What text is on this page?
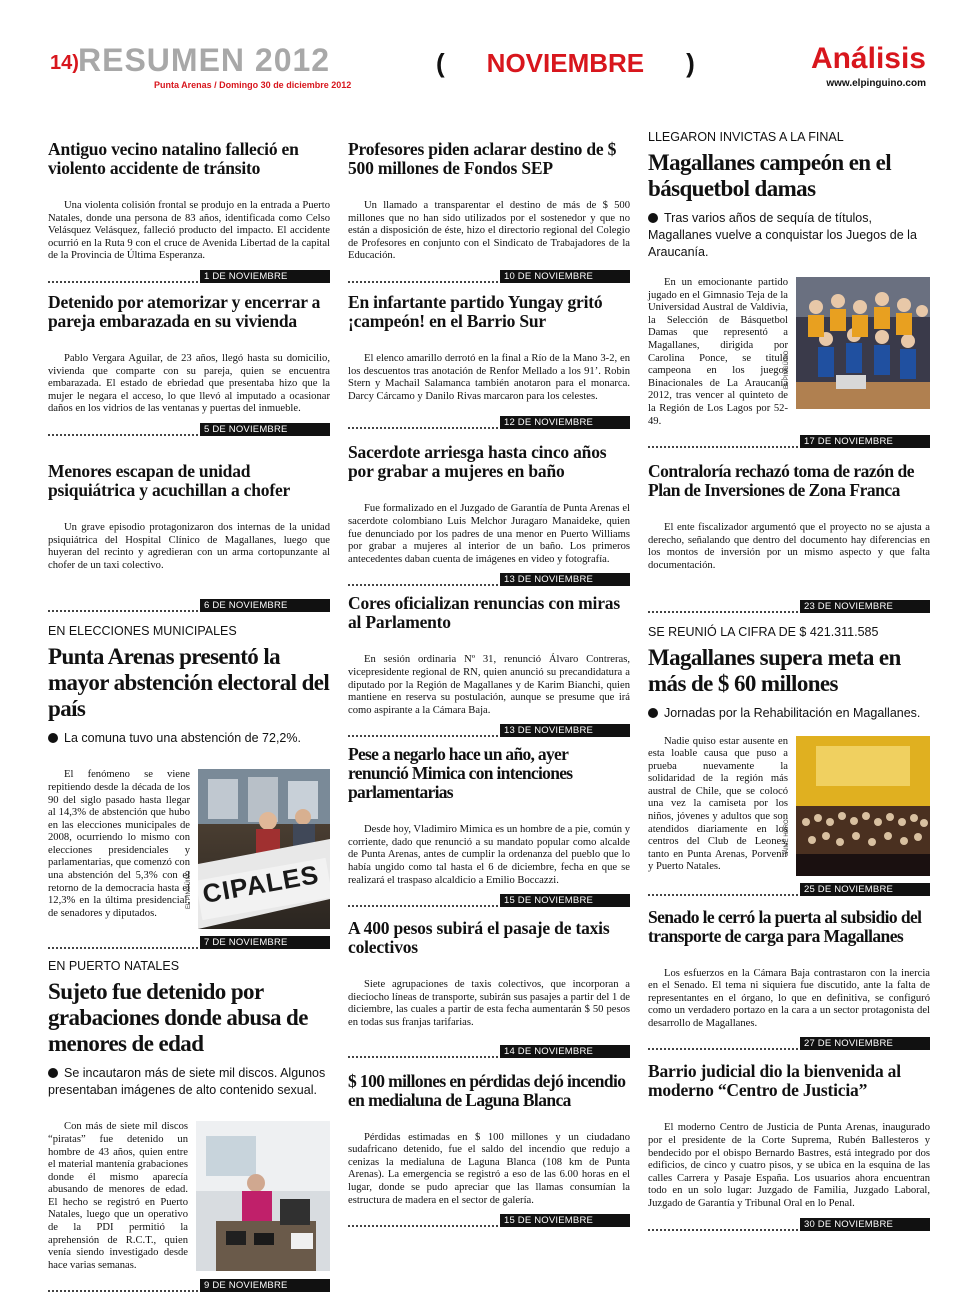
14) RESUMEN 2012
Punta Arenas / Domingo 30 de diciembre 2012
( NOVIEMBRE )	Análisis
www.elpinguino.com
Antiguo vecino natalino falleció en violento accidente de tránsito

Una violenta colisión frontal se produjo en la entrada a Puerto Natales, donde una persona de 83 años, identificada como Celso Velásquez Velásquez, falleció producto del impacto. El accidente ocurrió en la Ruta 9 con el cruce de Avenida Libertad de la capital de la Provincia de Última Esperanza.

1 DE NOVIEMBRE
Detenido por atemorizar y encerrar a pareja embarazada en su vivienda

Pablo Vergara Aguilar, de 23 años, llegó hasta su domicilio, vivienda que comparte con su pareja, quien se encuentra embarazada. El estado de ebriedad que presentaba hizo que la mujer le negara el acceso, lo que llevó al imputado a ocasionar daños en los vidrios de las ventanas y puertas del inmueble.

5 DE NOVIEMBRE
Menores escapan de unidad psiquiátrica y acuchillan a chofer

Un grave episodio protagonizaron dos internas de la unidad psiquiátrica del Hospital Clínico de Magallanes, luego que huyeran del recinto y agredieran con un arma cortopunzante al chofer de un taxi colectivo.

6 DE NOVIEMBRE
EN ELECCIONES MUNICIPALES
Punta Arenas presentó la mayor abstención electoral del país
La comuna tuvo una abstención de 72,2%.

El fenómeno se viene repitiendo desde la década de los 90 del siglo pasado hasta llegar al 14,3% de abstención que hubo en las elecciones municipales de 2008, ocurriendo lo mismo con elecciones presidenciales y parlamentarias, que comenzó con una abstención del 5,3% con el retorno de la democracia hasta el 12,3% en la última presidencial, de senadores y diputados.

CIPALES
EL PINGÜINO
7 DE NOVIEMBRE
EN PUERTO NATALES
Sujeto fue detenido por grabaciones donde abusa de menores de edad
Se incautaron más de siete mil discos. Algunos presentaban imágenes de alto contenido sexual.

Con más de siete mil discos “piratas” fue detenido un hombre de 43 años, quien entre el material mantenía grabaciones donde él mismo aparecía abusando de menores de edad. El hecho se registró en Puerto Natales, luego que un operativo de la PDI permitió la aprehensión de R.C.T., quien venía siendo investigado desde hace varias semanas.

9 DE NOVIEMBRE
Profesores piden aclarar destino de $ 500 millones de Fondos SEP

Un llamado a transparentar el destino de más de $ 500 millones que no han sido utilizados por el sostenedor y que no están a disposición de éste, hizo el directorio regional del Colegio de Profesores en conjunto con el Sindicato de Trabajadores de la Educación.

10 DE NOVIEMBRE
En infartante partido Yungay gritó ¡campeón! en el Barrio Sur

El elenco amarillo derrotó en la final a Río de la Mano 3-2, en los descuentos tras anotación de Renfor Mellado a los 91’. Robin Stern y Machail Salamanca también anotaron para el monarca. Darcy Cárcamo y Danilo Rivas marcaron para los celestes.

12 DE NOVIEMBRE
Sacerdote arriesga hasta cinco años por grabar a mujeres en baño

Fue formalizado en el Juzgado de Garantía de Punta Arenas el sacerdote colombiano Luis Melchor Juragaro Manaideke, quien fue denunciado por los padres de una menor en Puerto Williams por grabar a mujeres al interior de un baño. Los primeros antecedentes daban cuenta de imágenes en video y fotografía.

13 DE NOVIEMBRE
Cores oficializan renuncias con miras al Parlamento

En sesión ordinaria Nº 31, renunció Álvaro Contreras, vicepresidente regional de RN, quien anunció su precandidatura a diputado por la Región de Magallanes y de Karim Bianchi, quien mantiene en reserva su postulación, aunque se presume que irá como aspirante a la Cámara Baja.

13 DE NOVIEMBRE
Pese a negarlo hace un año, ayer renunció Mimica con intenciones parlamentarias

Desde hoy, Vladimiro Mimica es un hombre de a pie, común y corriente, dado que renunció a su mandato popular como alcalde de Punta Arenas, antes de cumplir la ordenanza del pueblo que lo había ungido como tal hasta el 6 de diciembre, fecha en que se realizará el traspaso alcaldicio a Emilio Boccazzi.

15 DE NOVIEMBRE
A 400 pesos subirá el pasaje de taxis colectivos

Siete agrupaciones de taxis colectivos, que incorporan a dieciocho líneas de transporte, subirán sus pasajes a partir del 1 de diciembre, las cuales a partir de esta fecha aumentarán $ 50 pesos en todas sus franjas tarifarias.

14 DE NOVIEMBRE
$ 100 millones en pérdidas dejó incendio en medialuna de Laguna Blanca

Pérdidas estimadas en $ 100 millones y un ciudadano sudafricano detenido, fue el saldo del incendio que redujo a cenizas la medialuna de Laguna Blanca (108 km de Punta Arenas). La emergencia se registró a eso de las 6.00 horas en el lugar, donde se pudo apreciar que las llamas consumían la estructura de madera en el sector de galería.

15 DE NOVIEMBRE
LLEGARON INVICTAS A LA FINAL
Magallanes campeón en el básquetbol damas
Tras varios años de sequía de títulos, Magallanes vuelve a conquistar los Juegos de la Araucanía.

En un emocionante partido jugado en el Gimnasio Teja de la Universidad Austral de Valdivia, la Selección de Básquetbol Damas que representó a Magallanes, dirigida por Carolina Ponce, se tituló campeona en los juegos Binacionales de La Araucanía 2012, tras vencer al quinteto de la Región de Los Lagos por 52-49.

EL PINGÜINO
17 DE NOVIEMBRE
Contraloría rechazó toma de razón de Plan de Inversiones de Zona Franca

El ente fiscalizador argumentó que el proyecto no se ajusta a derecho, señalando que dentro del documento hay diferencias en los montos de inversión por un mismo aspecto y que falta documentación.

23 DE NOVIEMBRE
SE REUNIÓ LA CIFRA DE $ 421.311.585
Magallanes supera meta en más de $ 60 millones
Jornadas por la Rehabilitación en Magallanes.

Nadie quiso estar ausente en esta loable causa que puso a prueba nuevamente la solidaridad de la región más austral de Chile, que se colocó una vez la camiseta por los niños, jóvenes y adultos que son atendidos diariamente en los centros del Club de Leones, tanto en Punta Arenas, Porvenir y Puerto Natales.

JAIME HARO
25 DE NOVIEMBRE
Senado le cerró la puerta al subsidio del transporte de carga para Magallanes

Los esfuerzos en la Cámara Baja contrastaron con la inercia en el Senado. El tema ni siquiera fue discutido, ante la falta de representantes en el órgano, lo que en definitiva, se configuró como un verdadero portazo en la cara a un sector protagonista del desarrollo de Magallanes.

27 DE NOVIEMBRE
Barrio judicial dio la bienvenida al moderno “Centro de Justicia”

El moderno Centro de Justicia de Punta Arenas, inaugurado por el presidente de la Corte Suprema, Rubén Ballesteros y bendecido por el obispo Bernardo Bastres, está integrado por dos edificios, de cinco y cuatro pisos, y se ubica en la esquina de las calles Carrera y Pasaje España. Los usuarios ahora encuentran todo en un solo lugar: Juzgado de Familia, Juzgado Laboral, Juzgado de Garantía y Tribunal Oral en lo Penal.

30 DE NOVIEMBRE
